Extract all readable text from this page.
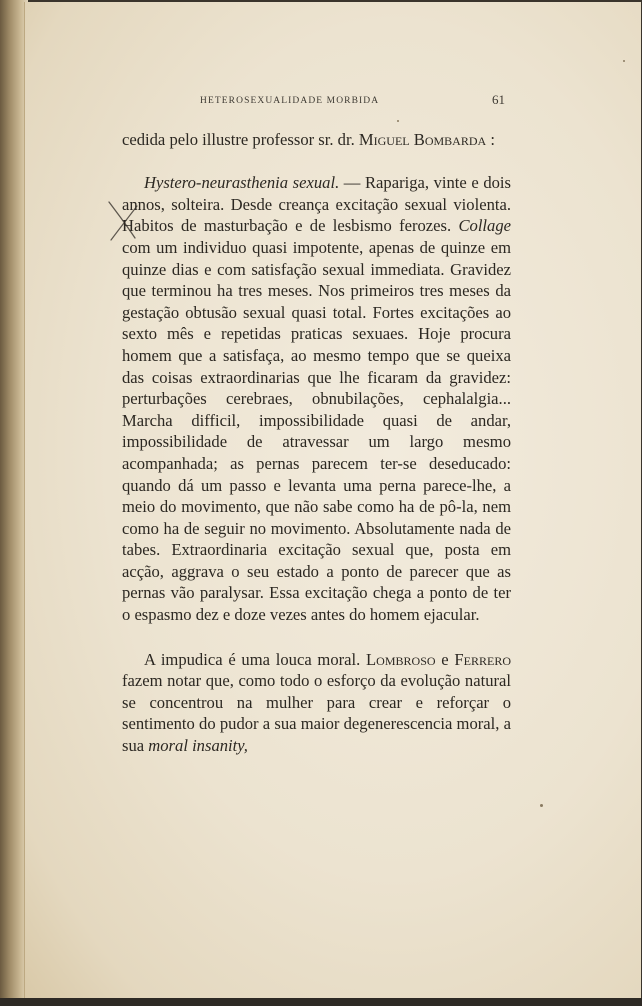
HETEROSEXUALIDADE MORBIDA	61

cedida pelo illustre professor sr. dr. Miguel Bombarda :

Hystero-neurasthenia sexual. — Rapariga, vinte e dois annos, solteira. Desde creança excitação sexual violenta. Habitos de masturbação e de lesbismo ferozes. Collage com um individuo quasi impotente, apenas de quinze em quinze dias e com satisfação sexual immediata. Gravidez que terminou ha tres meses. Nos primeiros tres meses da gestação obtusão sexual quasi total. Fortes excitações ao sexto mês e repetidas praticas sexuaes. Hoje procura homem que a satisfaça, ao mesmo tempo que se queixa das coisas extraordinarias que lhe ficaram da gravidez: perturbações cerebraes, obnubilações, cephalalgia... Marcha difficil, impossibilidade quasi de andar, impossibilidade de atravessar um largo mesmo acompanhada; as pernas parecem ter-se deseducado: quando dá um passo e levanta uma perna parece-lhe, a meio do movimento, que não sabe como ha de pô-la, nem como ha de seguir no movimento. Absolutamente nada de tabes. Extraordinaria excitação sexual que, posta em acção, aggrava o seu estado a ponto de parecer que as pernas vão paralysar. Essa excitação chega a ponto de ter o espasmo dez e doze vezes antes do homem ejacular.

A impudica é uma louca moral. Lombroso e Ferrero fazem notar que, como todo o esforço da evolução natural se concentrou na mulher para crear e reforçar o sentimento do pudor a sua maior degenerescencia moral, a sua moral insanity,
